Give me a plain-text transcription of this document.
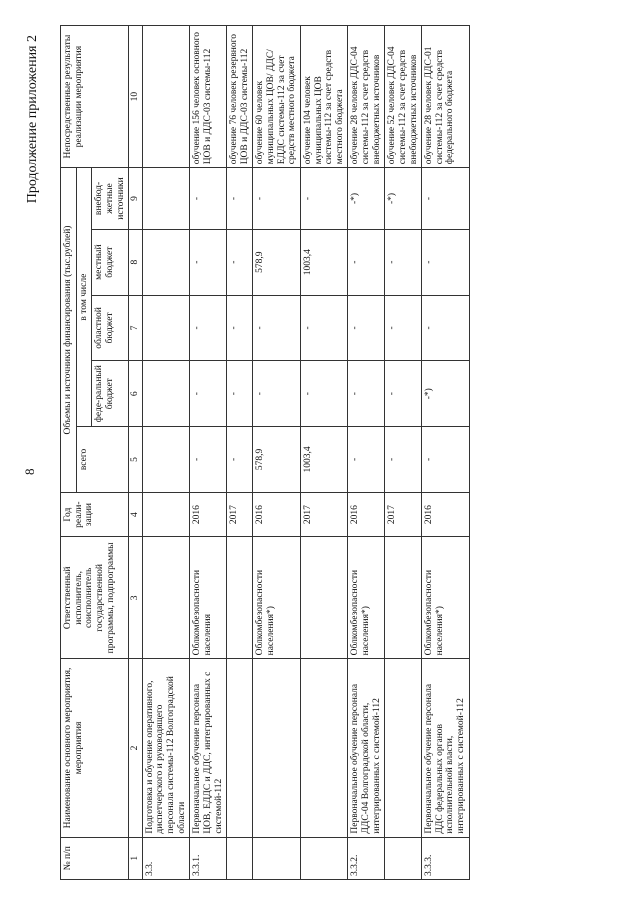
8
Продолжение приложения 2
№ п/п	Наименование основного мероприятия, мероприятия	Ответственный исполнитель, соисполнитель государственной программы, подпрограммы	Год реали-зации	Объемы и источники финансирования (тыс.рублей)					Непосредственные результаты реализации мероприятия
				всего	в том числе				
					феде-ральный бюджет	областной бюджет	местный бюджет	внебюд-жетные источники	
1	2	3	4	5	6	7	8	9	10
3.3.	Подготовка и обучение оперативного, диспетчерского и руководящего персонала системы-112 Волгоградской области								
3.3.1.	Первоначальное обучение персонала ЦОВ, ЕДДС и ДДС, интегрированных с системой-112	Облкомбезопасности населения	2016	-	-	-	-	-	обучение 156 человек основного ЦОВ и ДДС-03 системы-112
			2017	-	-	-	-	-	обучение 76 человек резервного ЦОВ и ДДС-03 системы-112
		Облкомбезопасности населения*)	2016	578,9	-	-	578,9	-	обучение 60 человек муниципальных ЦОВ/ ДДС/ЕДДС системы-112 за счет средств местного бюджета
			2017	1003,4	-	-	1003,4	-	обучение 104 человек муниципальных ЦОВ системы-112 за счет средств местного бюджета
3.3.2.	Первоначальное обучение персонала ДДС-04 Волгоградской области, интегрированных с системой-112	Облкомбезопасности населения*)	2016	-	-	-	-	-*)	обучение 28 человек ДДС-04 системы-112 за счет средств внебюджетных источников
			2017	-	-	-	-	-*)	обучение 52 человек ДДС-04 системы-112 за счет средств внебюджетных источников
3.3.3.	Первоначальное обучение персонала ДДС федеральных органов исполнительной власти, интегрированных с системой-112	Облкомбезопасности населения*)	2016	-	-*)	-	-	-	обучение 28 человек ДДС-01 системы-112 за счет средств федерального бюджета
